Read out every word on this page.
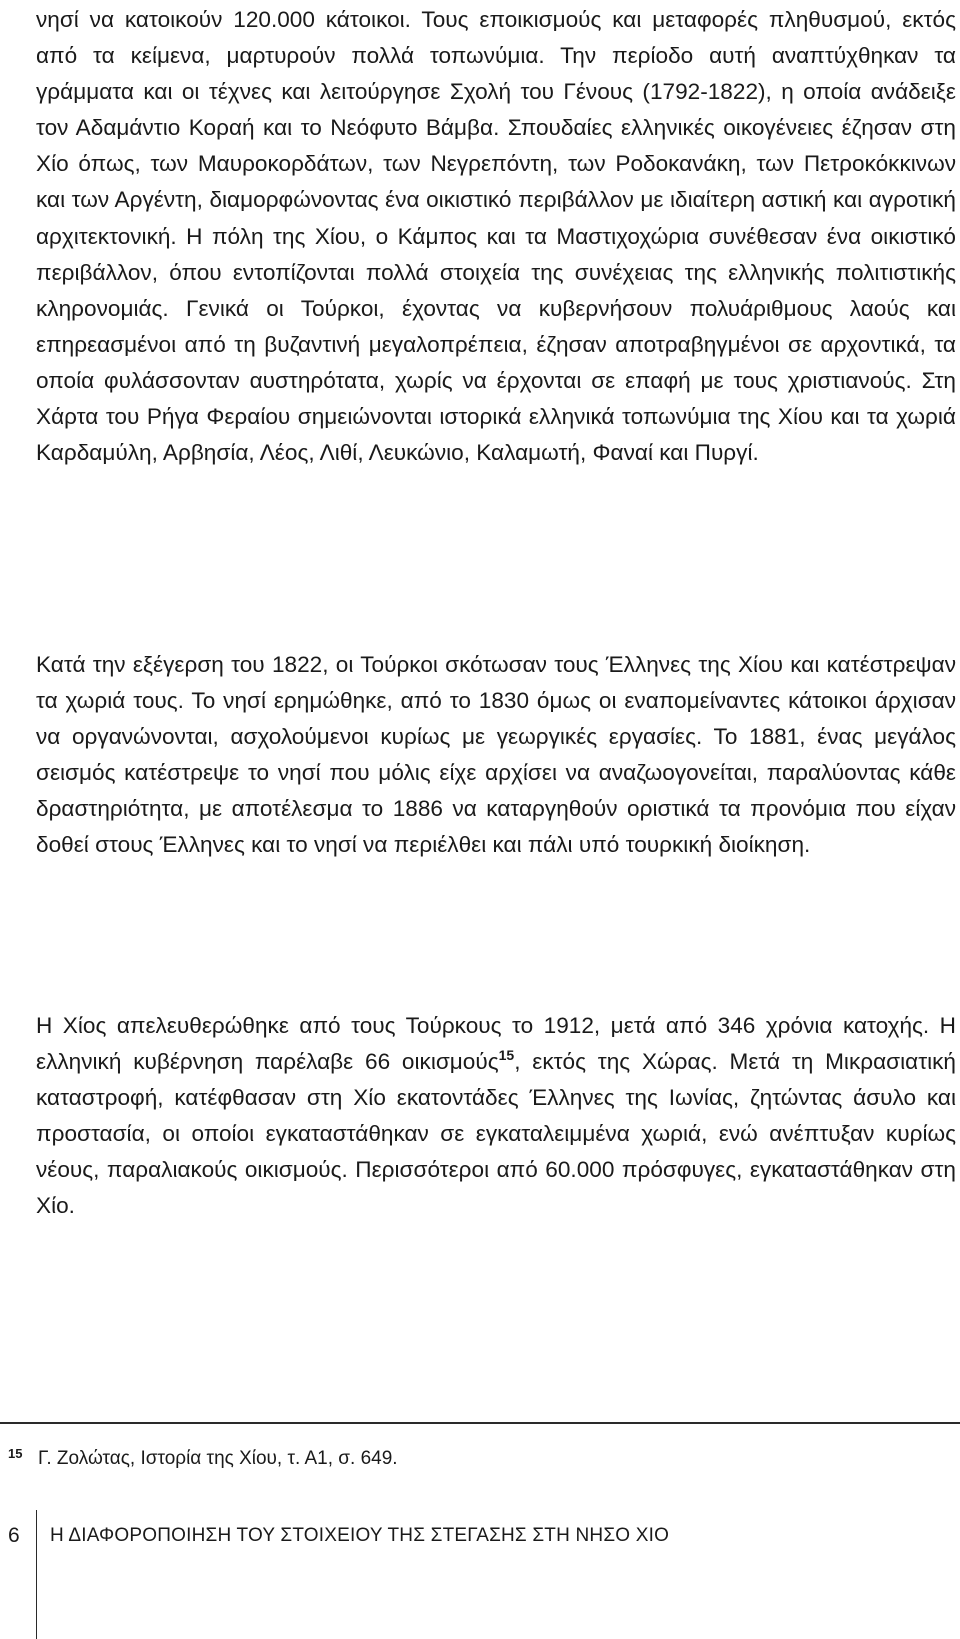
νησί να κατοικούν 120.000 κάτοικοι. Τους εποικισμούς και μεταφορές πληθυσμού, εκτός από τα κείμενα, μαρτυρούν πολλά τοπωνύμια. Την περίοδο αυτή αναπτύχθηκαν τα γράμματα και οι τέχνες και λειτούργησε Σχολή του Γένους (1792-1822), η οποία ανάδειξε τον Αδαμάντιο Κοραή και το Νεόφυτο Βάμβα. Σπουδαίες ελληνικές οικογένειες έζησαν στη Χίο όπως, των Μαυροκορδάτων, των Νεγρεπόντη, των Ροδοκανάκη, των Πετροκόκκινων και των Αργέντη, διαμορφώνοντας ένα οικιστικό περιβάλλον με ιδιαίτερη αστική και αγροτική αρχιτεκτονική. Η πόλη της Χίου, ο Κάμπος και τα Μαστιχοχώρια συνέθεσαν ένα οικιστικό περιβάλλον, όπου εντοπίζονται πολλά στοιχεία της συνέχειας της ελληνικής πολιτιστικής κληρονομιάς. Γενικά οι Τούρκοι, έχοντας να κυβερνήσουν πολυάριθμους λαούς και επηρεασμένοι από τη βυζαντινή μεγαλοπρέπεια, έζησαν αποτραβηγμένοι σε αρχοντικά, τα οποία φυλάσσονταν αυστηρότατα, χωρίς να έρχονται σε επαφή με τους χριστιανούς. Στη Χάρτα του Ρήγα Φεραίου σημειώνονται ιστορικά ελληνικά τοπωνύμια της Χίου και τα χωριά Καρδαμύλη, Αρβησία, Λέος, Λιθί, Λευκώνιο, Καλαμωτή, Φαναί και Πυργί.

Κατά την εξέγερση του 1822, οι Τούρκοι σκότωσαν τους Έλληνες της Χίου και κατέστρεψαν τα χωριά τους. Το νησί ερημώθηκε, από το 1830 όμως οι εναπομείναντες κάτοικοι άρχισαν να οργανώνονται, ασχολούμενοι κυρίως με γεωργικές εργασίες. Το 1881, ένας μεγάλος σεισμός κατέστρεψε το νησί που μόλις είχε αρχίσει να αναζωογονείται, παραλύοντας κάθε δραστηριότητα, με αποτέλεσμα το 1886 να καταργηθούν οριστικά τα προνόμια που είχαν δοθεί στους Έλληνες και το νησί να περιέλθει και πάλι υπό τουρκική διοίκηση.

Η Χίος απελευθερώθηκε από τους Τούρκους το 1912, μετά από 346 χρόνια κατοχής. Η ελληνική κυβέρνηση παρέλαβε 66 οικισμούς$^{15}$, εκτός της Χώρας. Μετά τη Μικρασιατική καταστροφή, κατέφθασαν στη Χίο εκατοντάδες Έλληνες της Ιωνίας, ζητώντας άσυλο και προστασία, οι οποίοι εγκαταστάθηκαν σε εγκαταλειμμένα χωριά, ενώ ανέπτυξαν κυρίως νέους, παραλιακούς οικισμούς. Περισσότεροι από 60.000 πρόσφυγες, εγκαταστάθηκαν στη Χίο.

15 Γ. Ζολώτας, Ιστορία της Χίου, τ. Α1, σ. 649.
6 Η ΔΙΑΦΟΡΟΠΟΙΗΣΗ ΤΟΥ ΣΤΟΙΧΕΙΟΥ ΤΗΣ ΣΤΕΓΑΣΗΣ ΣΤΗ ΝΗΣΟ ΧΙΟ
